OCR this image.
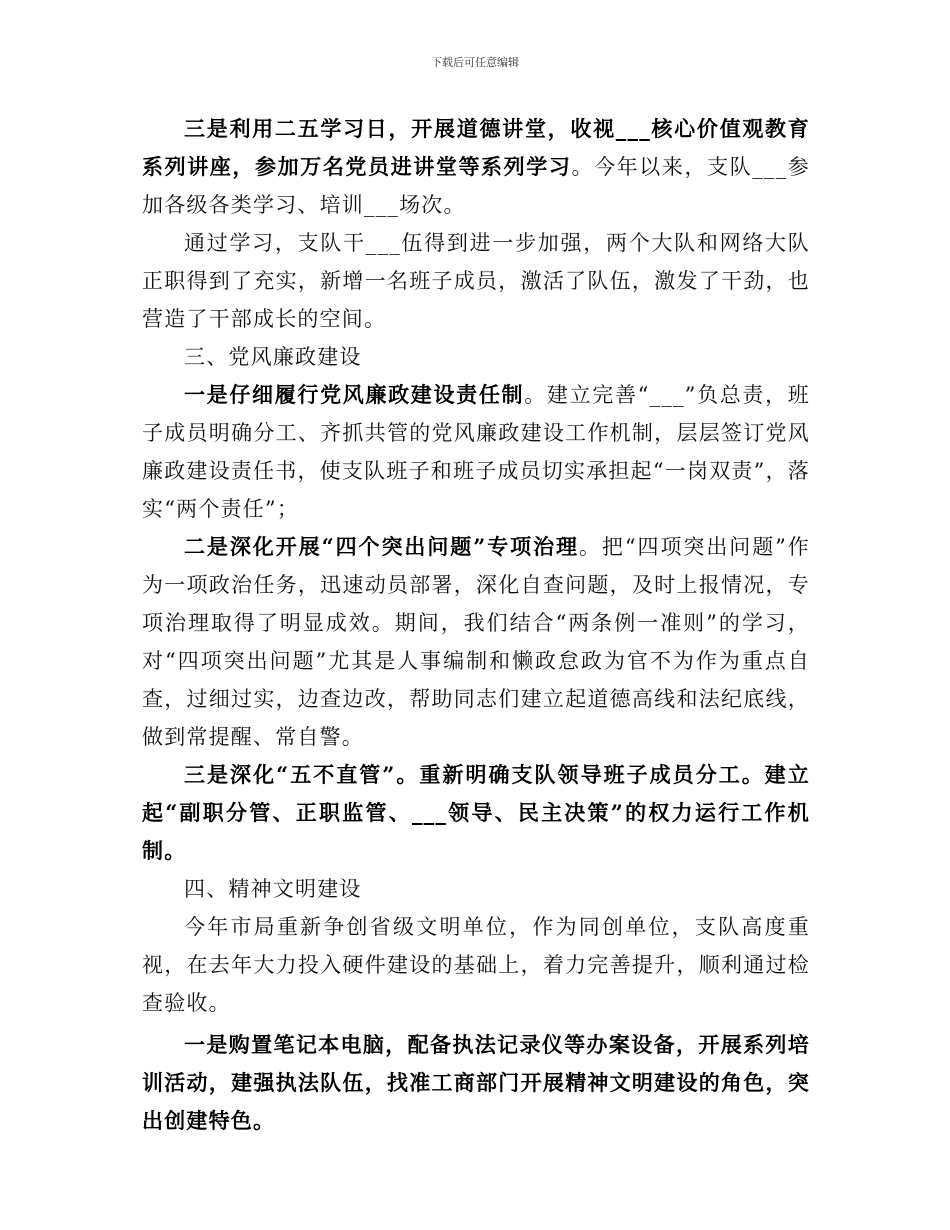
下载后可任意编辑

三是利用二五学习日，开展道德讲堂，收视___核心价值观教育系列讲座，参加万名党员进讲堂等系列学习。今年以来，支队___参加各级各类学习、培训___场次。

通过学习，支队干___伍得到进一步加强，两个大队和网络大队正职得到了充实，新增一名班子成员，激活了队伍，激发了干劲，也营造了干部成长的空间。

三、党风廉政建设

一是仔细履行党风廉政建设责任制。建立完善“___”负总责，班子成员明确分工、齐抓共管的党风廉政建设工作机制，层层签订党风廉政建设责任书，使支队班子和班子成员切实承担起“一岗双责”，落实“两个责任”；

二是深化开展“四个突出问题”专项治理。把“四项突出问题”作为一项政治任务，迅速动员部署，深化自查问题，及时上报情况，专项治理取得了明显成效。期间，我们结合“两条例一准则”的学习，对“四项突出问题”尤其是人事编制和懒政怠政为官不为作为重点自查，过细过实，边查边改，帮助同志们建立起道德高线和法纪底线，做到常提醒、常自警。

三是深化“五不直管”。重新明确支队领导班子成员分工。建立起“副职分管、正职监管、___领导、民主决策”的权力运行工作机制。

四、精神文明建设

今年市局重新争创省级文明单位，作为同创单位，支队高度重视，在去年大力投入硬件建设的基础上，着力完善提升，顺利通过检查验收。

一是购置笔记本电脑，配备执法记录仪等办案设备，开展系列培训活动，建强执法队伍，找准工商部门开展精神文明建设的角色，突出创建特色。
